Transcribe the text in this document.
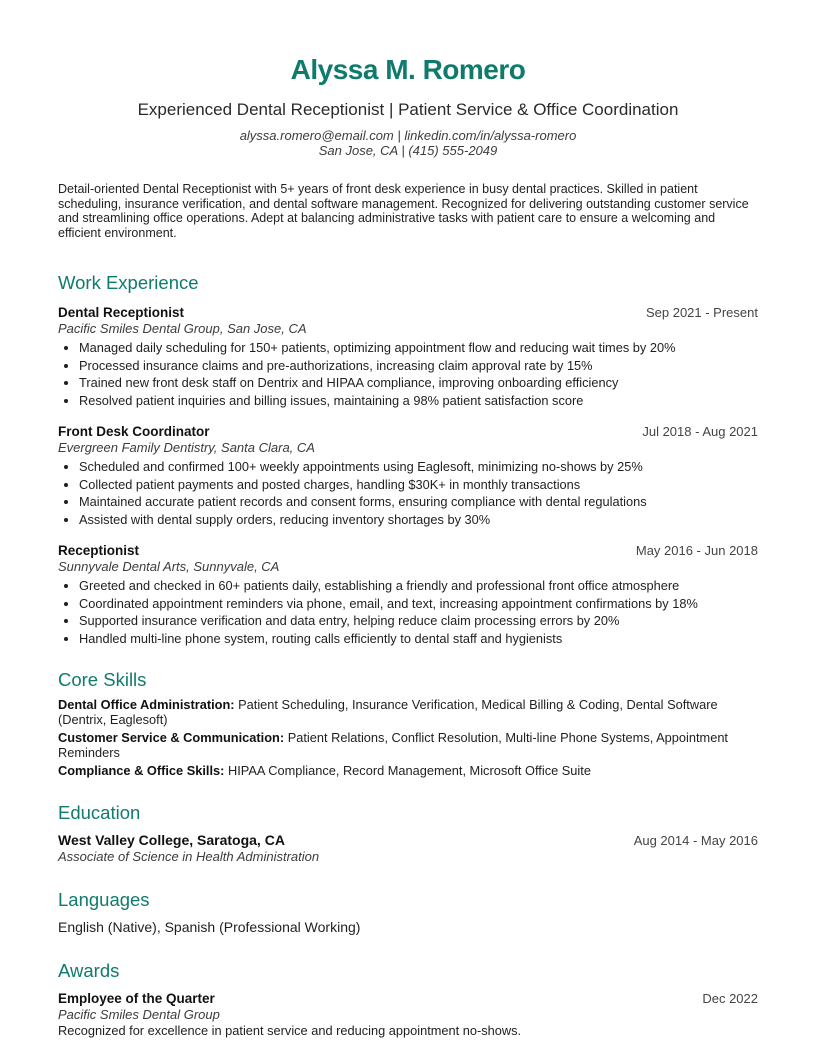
Alyssa M. Romero
Experienced Dental Receptionist | Patient Service & Office Coordination
alyssa.romero@email.com | linkedin.com/in/alyssa-romero
San Jose, CA | (415) 555-2049
Detail-oriented Dental Receptionist with 5+ years of front desk experience in busy dental practices. Skilled in patient scheduling, insurance verification, and dental software management. Recognized for delivering outstanding customer service and streamlining office operations. Adept at balancing administrative tasks with patient care to ensure a welcoming and efficient environment.
Work Experience
Dental Receptionist	Sep 2021 - Present
Pacific Smiles Dental Group, San Jose, CA
• Managed daily scheduling for 150+ patients, optimizing appointment flow and reducing wait times by 20%
• Processed insurance claims and pre-authorizations, increasing claim approval rate by 15%
• Trained new front desk staff on Dentrix and HIPAA compliance, improving onboarding efficiency
• Resolved patient inquiries and billing issues, maintaining a 98% patient satisfaction score
Front Desk Coordinator	Jul 2018 - Aug 2021
Evergreen Family Dentistry, Santa Clara, CA
• Scheduled and confirmed 100+ weekly appointments using Eaglesoft, minimizing no-shows by 25%
• Collected patient payments and posted charges, handling $30K+ in monthly transactions
• Maintained accurate patient records and consent forms, ensuring compliance with dental regulations
• Assisted with dental supply orders, reducing inventory shortages by 30%
Receptionist	May 2016 - Jun 2018
Sunnyvale Dental Arts, Sunnyvale, CA
• Greeted and checked in 60+ patients daily, establishing a friendly and professional front office atmosphere
• Coordinated appointment reminders via phone, email, and text, increasing appointment confirmations by 18%
• Supported insurance verification and data entry, helping reduce claim processing errors by 20%
• Handled multi-line phone system, routing calls efficiently to dental staff and hygienists
Core Skills
Dental Office Administration: Patient Scheduling, Insurance Verification, Medical Billing & Coding, Dental Software (Dentrix, Eaglesoft)
Customer Service & Communication: Patient Relations, Conflict Resolution, Multi-line Phone Systems, Appointment Reminders
Compliance & Office Skills: HIPAA Compliance, Record Management, Microsoft Office Suite
Education
West Valley College, Saratoga, CA	Aug 2014 - May 2016
Associate of Science in Health Administration
Languages
English (Native), Spanish (Professional Working)
Awards
Employee of the Quarter	Dec 2022
Pacific Smiles Dental Group
Recognized for excellence in patient service and reducing appointment no-shows.
